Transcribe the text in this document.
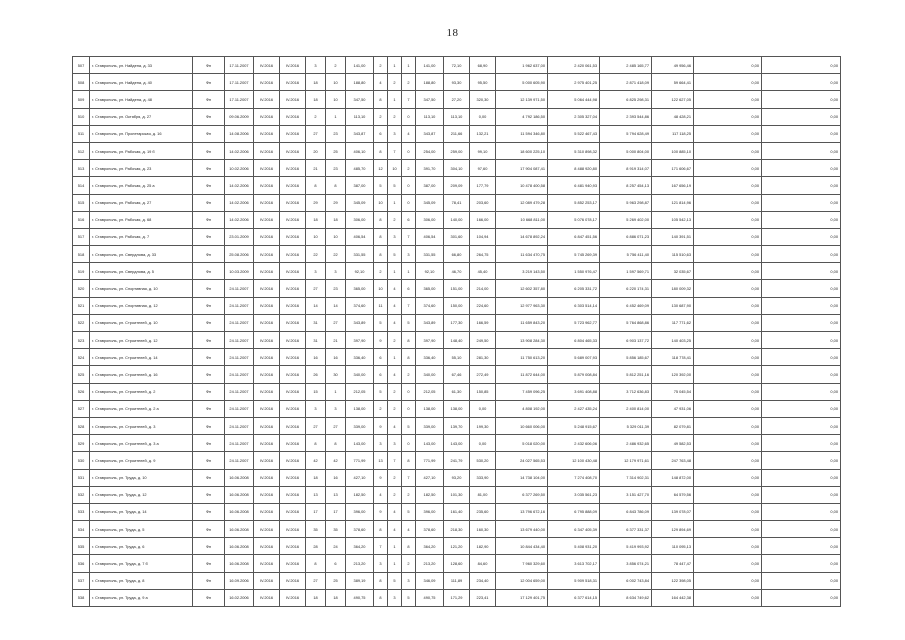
18
507	г. Ставрополь, ул. Найдена, д. 33	Фн	17.11.2007	IV.2016	IV.2016	3	2	141,00	2	1	1	141,00	72,10	68,90	1 962 637,00	2 420 061,53	2 485 165,77	49 956,46	0,00	0,00
508	г. Ставрополь, ул. Найдена, д. 40	Фн	17.11.2007	IV.2016	IV.2016	18	10	188,80	4	2	2	188,80	93,30	95,50	5 000 605,90	2 975 401,25	2 871 418,09	59 664,41	0,00	0,00
509	г. Ставрополь, ул. Найдена, д. 48	Фн	17.11.2007	IV.2016	IV.2016	18	10	347,50	8	1	7	347,50	27,20	320,30	12 139 971,50	5 064 444,98	6 825 298,31	122 627,05	0,00	0,00
510	г. Ставрополь, ул. Октября, д. 27	Фн	09.06.2009	IV.2016	IV.2016	2	1	113,10	2	2	0	113,10	113,10	0,00	4 792 186,50	2 305 327,04	2 393 544,86	48 428,21	0,00	0,00
511	г. Ставрополь, ул. Пролетарская, д. 16	Фн	14.08.2006	IV.2016	IV.2016	27	23	343,87	6	3	4	343,87	211,66	132,21	11 594 346,80	5 522 467,43	5 794 628,49	117 118,25	0,00	0,00
512	г. Ставрополь, ул. Рабочая, д. 19 б	Фн	14.02.2006	IV.2016	IV.2016	20	25	406,10	8	7	0	254,00	259,00	99,10	18 600 225,10	5 310 898,32	5 000 804,00	100 885,10	0,00	0,00
513	г. Ставрополь, ул. Рабочая, д. 23	Фн	10.02.2006	IV.2016	IV.2016	21	23	485,70	12	10	2	391,70	304,10	97,60	17 904 087,41	8 488 920,80	8 919 314,07	171 606,67	0,00	0,00
514	г. Ставрополь, ул. Рабочая, д. 25 а	Фн	14.02.2006	IV.2016	IV.2016	8	8	387,00	5	5	0	387,00	209,09	177,79	10 478 400,58	6 481 940,93	8 257 454,13	167 656,19	0,00	0,00
515	г. Ставрополь, ул. Рабочая, д. 27	Фн	14.02.2006	IV.2016	IV.2016	29	29	345,09	10	1	0	345,09	78,41	203,60	12 089 479,28	5 852 253,17	5 963 298,87	121 814,96	0,00	0,00
516	г. Ставрополь, ул. Рабочая, д. 68	Фн	14.02.2006	IV.2016	IV.2016	18	18	306,00	8	2	6	306,00	140,00	166,00	10 668 811,00	5 076 078,17	5 269 402,00	105 542,13	0,00	0,00
517	г. Ставрополь, ул. Рабочая, д. 7	Фн	23.01.2009	IV.2016	IV.2016	10	10	406,54	8	3	7	406,54	301,60	104,94	14 678 892,24	6 847 451,56	6 886 071,23	140 391,51	0,00	0,00
518	г. Ставрополь, ул. Свердлова, д. 33	Фн	25.08.2006	IV.2016	IV.2016	22	22	331,55	8	5	3	331,55	66,80	264,75	11 634 470,75	5 745 269,39	5 756 411,40	115 510,63	0,00	0,00
519	г. Ставрополь, ул. Свердлова, д. 5	Фн	10.03.2009	IV.2016	IV.2016	3	3	92,10	2	1	1	92,10	46,70	45,40	3 219 143,50	1 550 976,47	1 597 569,71	32 035,67	0,00	0,00
520	г. Ставрополь, ул. Спортивная, д. 10	Фн	24.11.2007	IV.2016	IV.2016	27	23	365,00	10	4	6	365,00	151,00	214,00	12 602 357,80	6 205 331,72	6 220 174,31	180 009,32	0,00	0,00
521	г. Ставрополь, ул. Спортивная, д. 12	Фн	24.11.2007	IV.2016	IV.2016	14	14	374,60	11	4	7	374,60	150,00	224,60	12 977 963,30	6 303 514,14	6 452 469,09	130 687,90	0,00	0,00
522	г. Ставрополь, ул. Строителей, д. 10	Фн	24.11.2007	IV.2016	IV.2016	31	27	343,89	5	4	5	343,89	177,30	166,59	11 659 843,20	5 723 962,77	5 764 868,86	117 771,62	0,00	0,00
523	г. Ставрополь, ул. Строителей, д. 12	Фн	24.11.2007	IV.2016	IV.2016	31	21	397,90	9	2	8	397,90	148,40	249,50	13 908 284,30	6 804 465,33	6 903 137,72	140 403,25	0,00	0,00
524	г. Ставрополь, ул. Строителей, д. 14	Фн	24.11.2007	IV.2016	IV.2016	16	16	336,40	6	1	8	336,40	55,10	281,30	11 750 613,20	5 689 007,93	5 856 185,67	118 778,41	0,00	0,00
525	г. Ставрополь, ул. Строителей, д. 16	Фн	24.11.2007	IV.2016	IV.2016	26	30	340,00	6	4	2	340,00	67,46	272,49	11 872 644,00	5 879 008,84	5 812 251,16	120 392,00	0,00	0,00
526	г. Ставрополь, ул. Строителей, д. 2	Фн	24.11.2007	IV.2016	IV.2016	15	1	212,05	5	2	0	212,05	61,30	150,85	7 459 096,25	3 691 408,88	3 712 636,83	75 045,54	0,00	0,00
527	г. Ставрополь, ул. Строителей, д. 2 а	Фн	24.11.2007	IV.2016	IV.2016	3	3	138,00	2	2	0	138,00	138,00	0,00	4 808 192,00	2 427 435,24	2 400 814,00	47 931,06	0,00	0,00
528	г. Ставрополь, ул. Строителей, д. 3	Фн	24.11.2007	IV.2016	IV.2016	27	27	339,00	9	4	5	339,00	139,70	199,30	10 660 006,00	5 248 915,67	5 329 011,39	82 079,81	0,00	0,00
529	г. Ставрополь, ул. Строителей, д. 3 а	Фн	24.11.2007	IV.2016	IV.2016	8	8	143,00	3	3	0	143,00	143,00	0,00	5 018 020,00	2 432 606,06	2 486 932,65	49 582,53	0,00	0,00
530	г. Ставрополь, ул. Строителей, д. 9	Фн	24.11.2007	IV.2016	IV.2016	42	42	771,99	13	7	8	771,99	241,79	530,20	24 027 565,53	12 100 430,48	12 179 971,61	247 763,48	0,00	0,00
531	г. Ставрополь, ул. Трудa, д. 10	Фн	16.06.2008	IV.2016	IV.2016	18	16	427,10	9	2	7	427,10	93,20	333,90	14 738 104,00	7 274 408,70	7 314 902,31	148 872,00	0,00	0,00
532	г. Ставрополь, ул. Трудa, д. 12	Фн	16.06.2008	IV.2016	IV.2016	13	13	182,50	4	2	2	182,50	101,30	81,00	6 377 269,50	3 035 561,23	3 151 427,70	64 579,56	0,00	0,00
533	г. Ставрополь, ул. Трудa, д. 14	Фн	16.06.2008	IV.2016	IV.2016	17	17	396,00	9	4	5	396,00	161,40	235,60	13 796 672,16	6 795 888,09	6 843 786,09	139 078,07	0,00	0,00
534	г. Ставрополь, ул. Трудa, д. 5	Фн	16.06.2008	IV.2016	IV.2016	35	35	378,60	8	4	4	378,60	218,30	160,30	13 679 440,00	6 347 405,39	6 377 331,37	129 894,69	0,00	0,00
535	г. Ставрополь, ул. Трудa, д. 6	Фн	16.06.2008	IV.2016	IV.2016	28	24	364,20	7	1	8	364,20	121,20	182,90	10 844 434,40	5 408 931,20	5 419 993,92	110 095,13	0,00	0,00
536	г. Ставрополь, ул. Трудa, д. 7 б	Фн	16.06.2008	IV.2016	IV.2016	8	6	213,20	3	1	2	213,20	128,60	84,60	7 960 329,60	3 613 702,17	3 856 074,21	78 447,47	0,00	0,00
537	г. Ставрополь, ул. Трудa, д. 8	Фн	16.09.2006	IV.2016	IV.2016	27	25	389,19	8	5	3	346,09	111,89	234,40	12 004 659,00	5 909 518,31	6 002 743,84	122 398,05	0,00	0,00
538	г. Ставрополь, ул. Трудa, д. 9 а	Фн	16.02.2006	IV.2016	IV.2016	18	18	490,75	8	3	5	490,75	171,29	223,41	17 129 401,75	6 377 614,15	8 634 749,62	164 442,38	0,00	0,00
